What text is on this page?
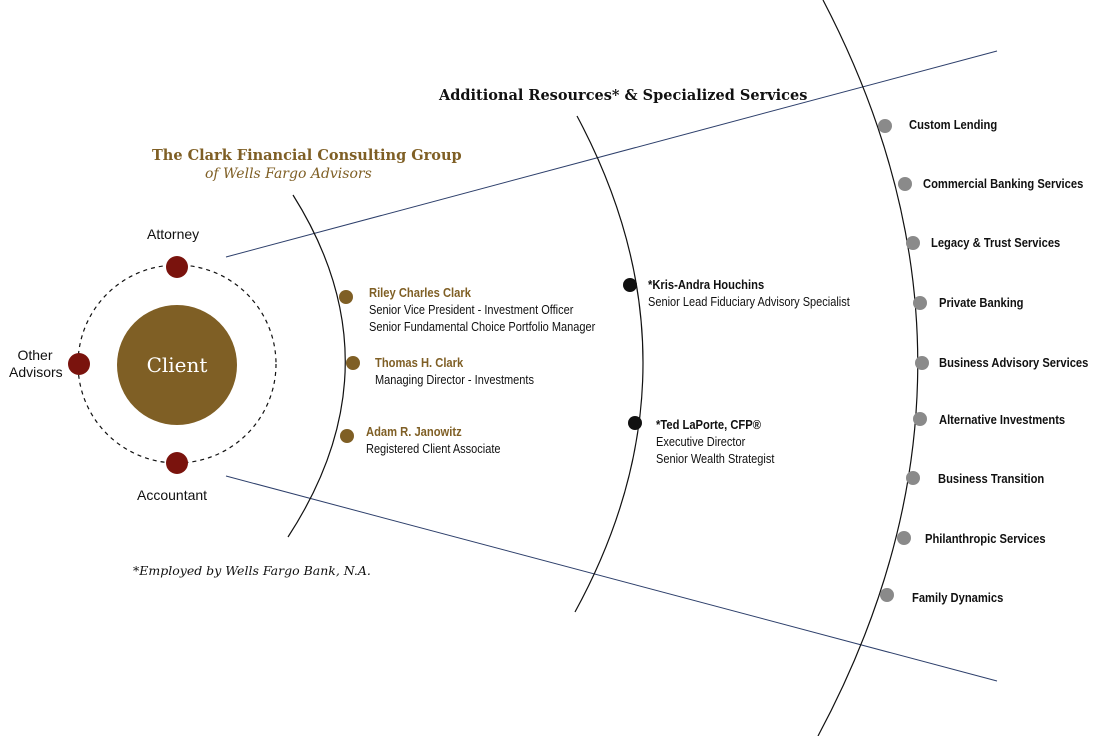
Client
Attorney
Accountant
Other
Advisors
The Clark Financial Consulting Group
of Wells Fargo Advisors
Riley Charles Clark
Senior Vice President - Investment Officer
Senior Fundamental Choice Portfolio Manager
Thomas H. Clark
Managing Director - Investments
Adam R. Janowitz
Registered Client Associate
Additional Resources* & Specialized Services
*Kris-Andra Houchins
Senior Lead Fiduciary Advisory Specialist
*Ted LaPorte, CFP®
Executive Director
Senior Wealth Strategist
Custom Lending
Commercial Banking Services
Legacy & Trust Services
Private Banking
Business Advisory Services
Alternative Investments
Business Transition
Philanthropic Services
Family Dynamics
*Employed by Wells Fargo Bank, N.A.
